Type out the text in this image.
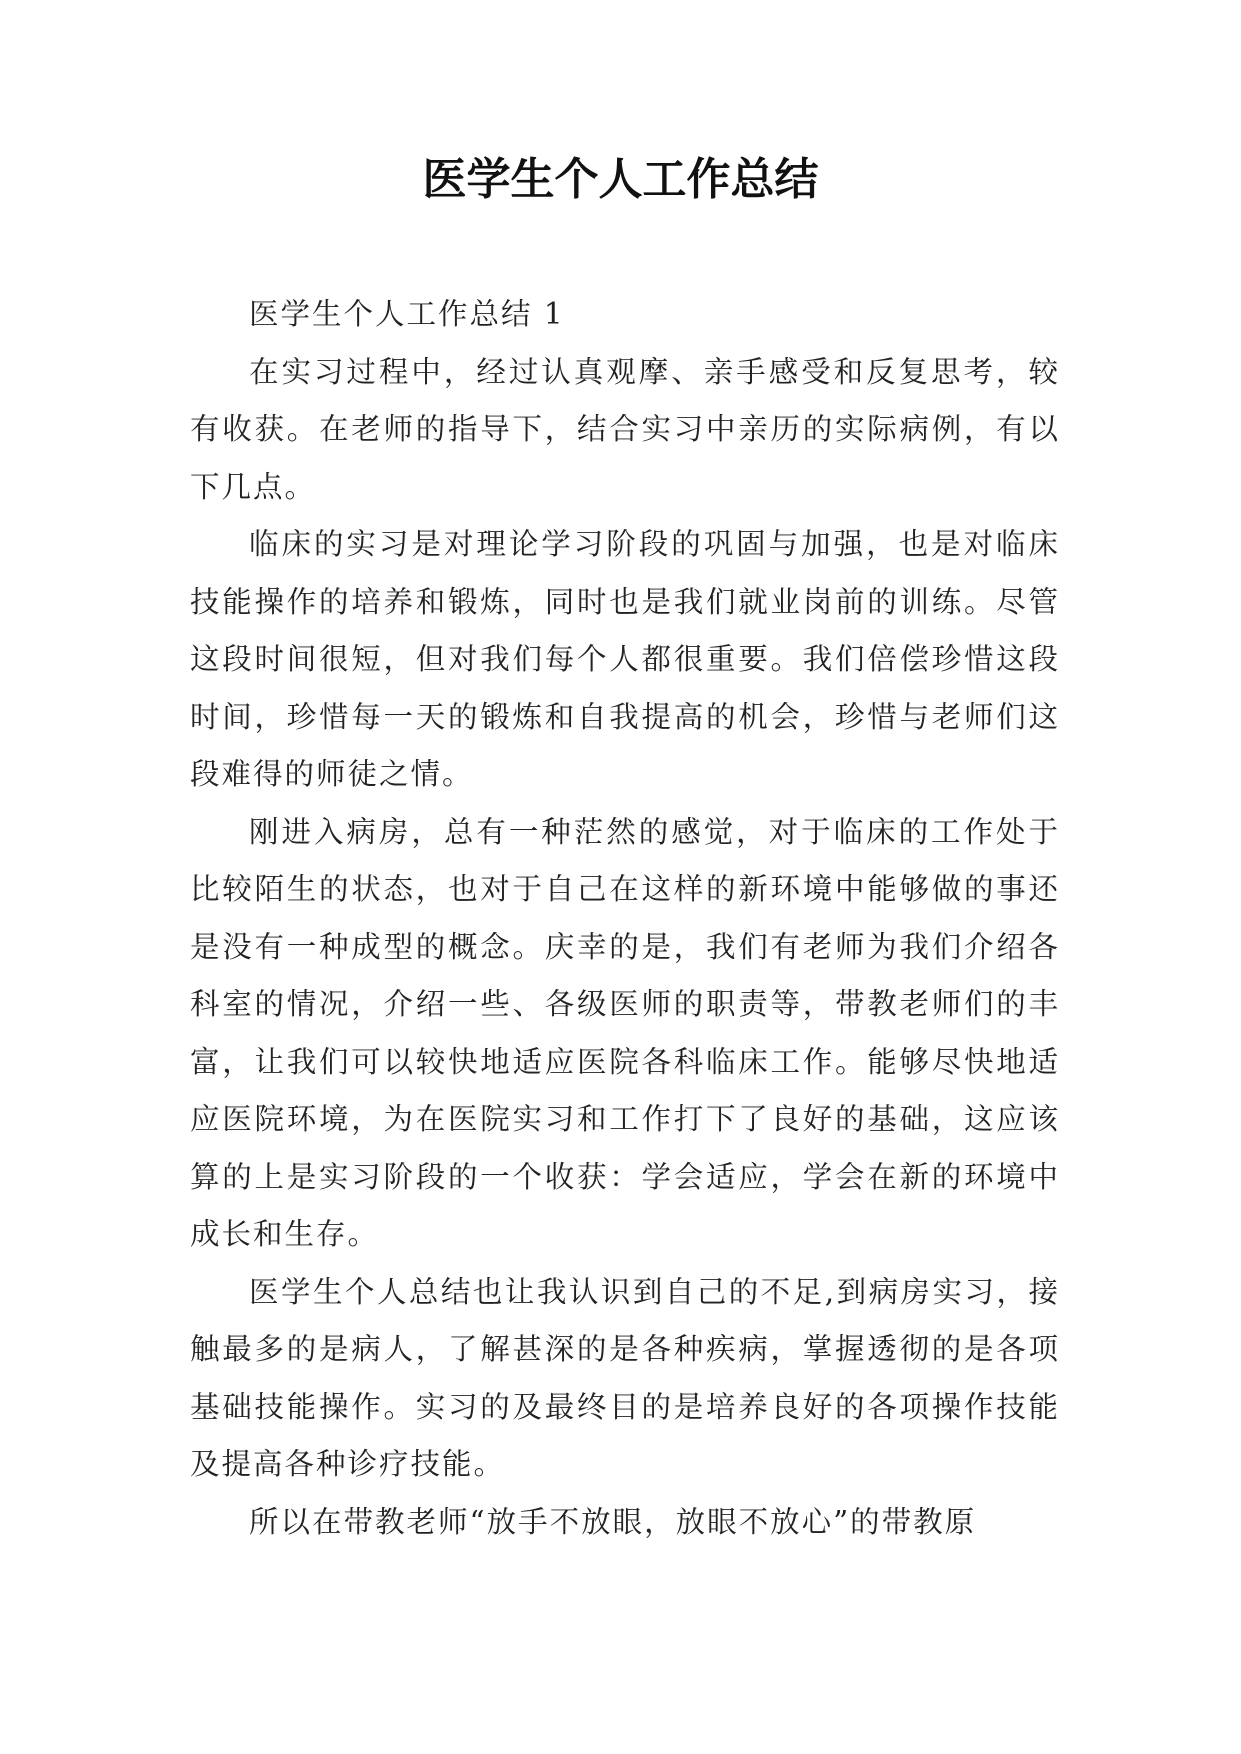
医学生个人工作总结

医学生个人工作总结 1

在实习过程中，经过认真观摩、亲手感受和反复思考，较有收获。在老师的指导下，结合实习中亲历的实际病例，有以下几点。

临床的实习是对理论学习阶段的巩固与加强，也是对临床技能操作的培养和锻炼，同时也是我们就业岗前的训练。尽管这段时间很短，但对我们每个人都很重要。我们倍偿珍惜这段时间，珍惜每一天的锻炼和自我提高的机会，珍惜与老师们这段难得的师徒之情。

刚进入病房，总有一种茫然的感觉，对于临床的工作处于比较陌生的状态，也对于自己在这样的新环境中能够做的事还是没有一种成型的概念。庆幸的是，我们有老师为我们介绍各科室的情况，介绍一些、各级医师的职责等，带教老师们的丰富，让我们可以较快地适应医院各科临床工作。能够尽快地适应医院环境，为在医院实习和工作打下了良好的基础，这应该算的上是实习阶段的一个收获：学会适应，学会在新的环境中成长和生存。

医学生个人总结也让我认识到自己的不足,到病房实习，接触最多的是病人，了解甚深的是各种疾病，掌握透彻的是各项基础技能操作。实习的及最终目的是培养良好的各项操作技能及提高各种诊疗技能。

所以在带教老师“放手不放眼，放眼不放心”的带教原
